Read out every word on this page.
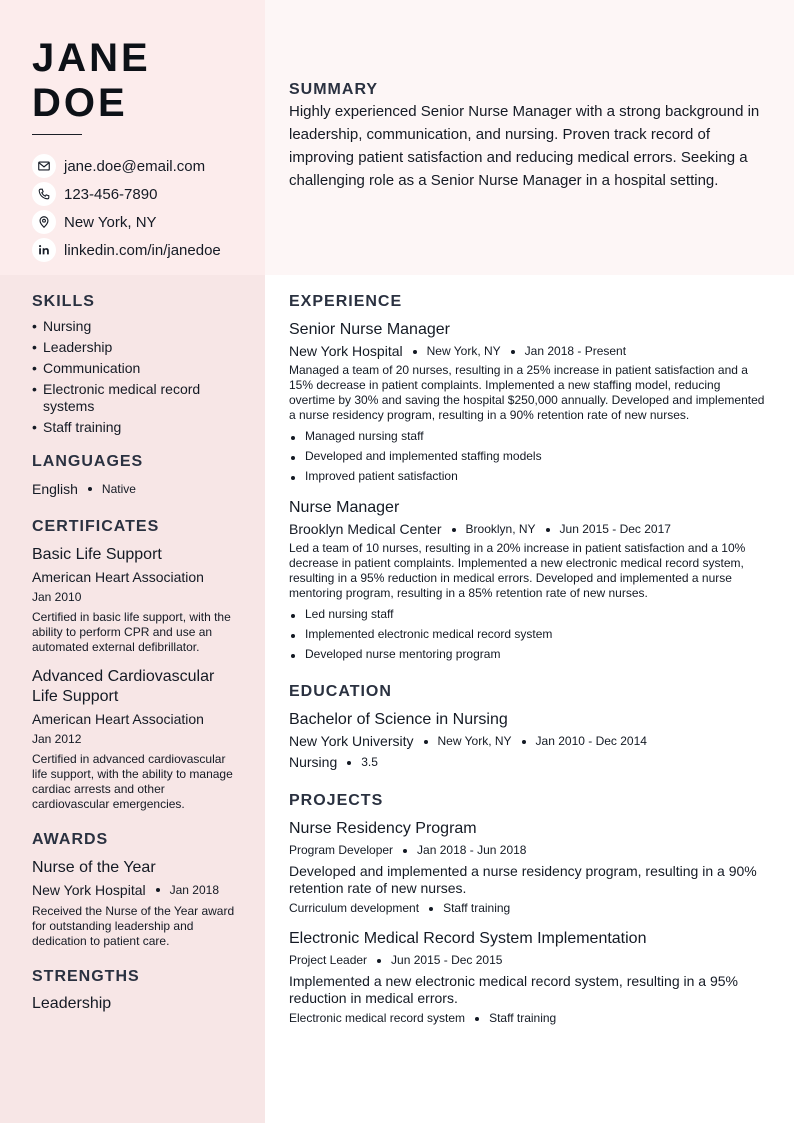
JANE
DOE
jane.doe@email.com
123-456-7890
New York, NY
linkedin.com/in/janedoe
SUMMARY
Highly experienced Senior Nurse Manager with a strong background in leadership, communication, and nursing. Proven track record of improving patient satisfaction and reducing medical errors. Seeking a challenging role as a Senior Nurse Manager in a hospital setting.
SKILLS
• Nursing
• Leadership
• Communication
• Electronic medical record systems
• Staff training
LANGUAGES
English Native
CERTIFICATES
Basic Life Support
American Heart Association
Jan 2010
Certified in basic life support, with the ability to perform CPR and use an automated external defibrillator.
Advanced Cardiovascular Life Support
American Heart Association
Jan 2012
Certified in advanced cardiovascular life support, with the ability to manage cardiac arrests and other cardiovascular emergencies.
AWARDS
Nurse of the Year
New York Hospital Jan 2018
Received the Nurse of the Year award for outstanding leadership and dedication to patient care.
STRENGTHS
Leadership
EXPERIENCE
Senior Nurse Manager
New York Hospital New York, NY Jan 2018 - Present
Managed a team of 20 nurses, resulting in a 25% increase in patient satisfaction and a 15% decrease in patient complaints. Implemented a new staffing model, reducing overtime by 30% and saving the hospital $250,000 annually. Developed and implemented a nurse residency program, resulting in a 90% retention rate of new nurses.
Managed nursing staff
Developed and implemented staffing models
Improved patient satisfaction
Nurse Manager
Brooklyn Medical Center Brooklyn, NY Jun 2015 - Dec 2017
Led a team of 10 nurses, resulting in a 20% increase in patient satisfaction and a 10% decrease in patient complaints. Implemented a new electronic medical record system, resulting in a 95% reduction in medical errors. Developed and implemented a nurse mentoring program, resulting in a 85% retention rate of new nurses.
Led nursing staff
Implemented electronic medical record system
Developed nurse mentoring program
EDUCATION
Bachelor of Science in Nursing
New York University New York, NY Jan 2010 - Dec 2014
Nursing 3.5
PROJECTS
Nurse Residency Program
Program Developer Jan 2018 - Jun 2018
Developed and implemented a nurse residency program, resulting in a 90% retention rate of new nurses.
Curriculum development Staff training
Electronic Medical Record System Implementation
Project Leader Jun 2015 - Dec 2015
Implemented a new electronic medical record system, resulting in a 95% reduction in medical errors.
Electronic medical record system Staff training
